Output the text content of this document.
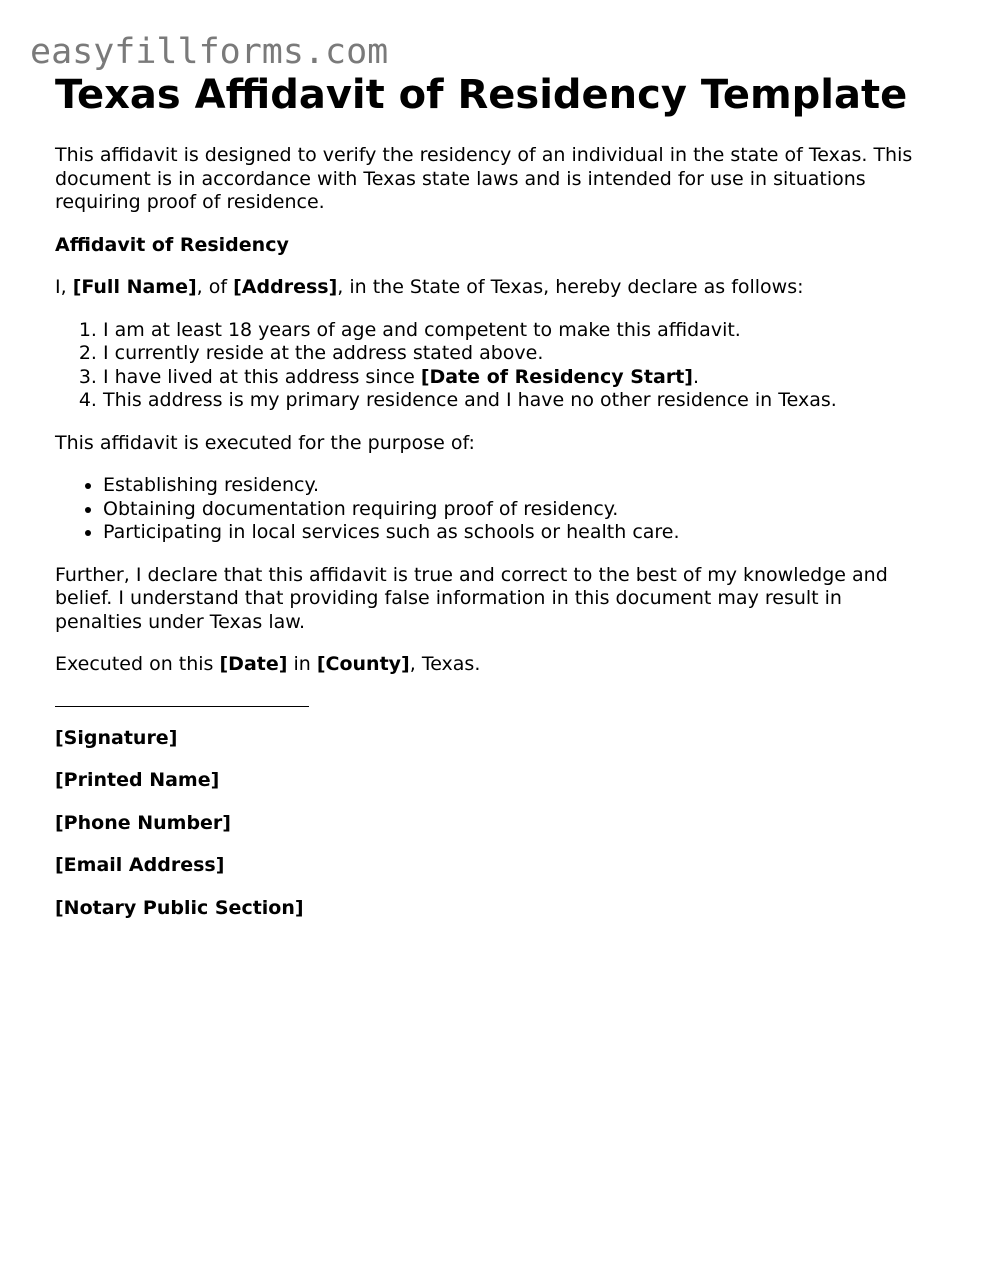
easyfillforms.com
Texas Affidavit of Residency Template

This affidavit is designed to verify the residency of an individual in the state of Texas. This document is in accordance with Texas state laws and is intended for use in situations requiring proof of residence.

Affidavit of Residency

I, [Full Name], of [Address], in the State of Texas, hereby declare as follows:

1. I am at least 18 years of age and competent to make this affidavit.
2. I currently reside at the address stated above.
3. I have lived at this address since [Date of Residency Start].
4. This address is my primary residence and I have no other residence in Texas.

This affidavit is executed for the purpose of:

• Establishing residency.
• Obtaining documentation requiring proof of residency.
• Participating in local services such as schools or health care.

Further, I declare that this affidavit is true and correct to the best of my knowledge and belief. I understand that providing false information in this document may result in penalties under Texas law.

Executed on this [Date] in [County], Texas.

[Signature]

[Printed Name]

[Phone Number]

[Email Address]

[Notary Public Section]
